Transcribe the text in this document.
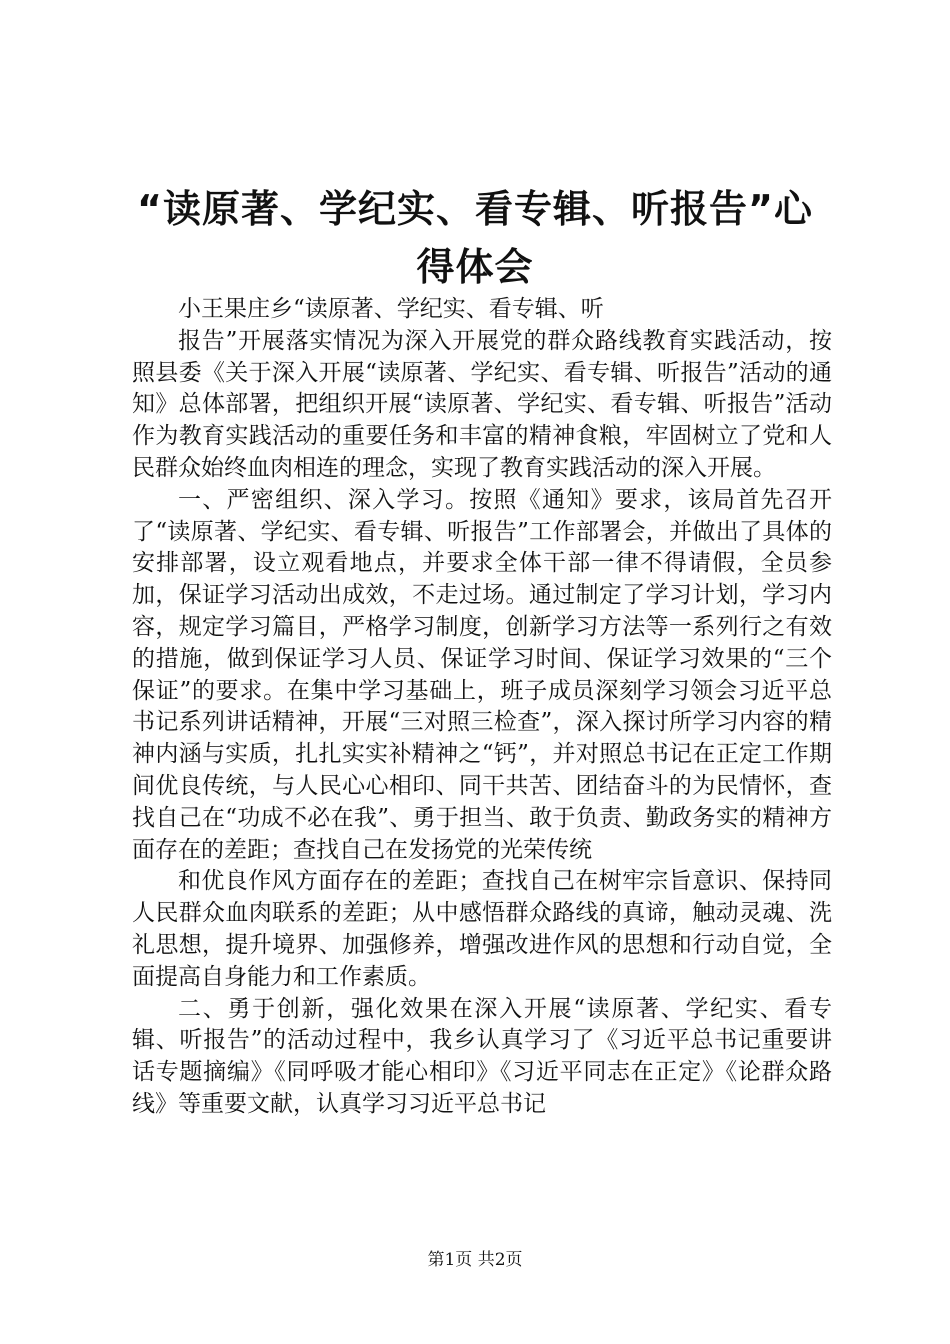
“读原著、学纪实、看专辑、听报告”心得体会

小王果庄乡“读原著、学纪实、看专辑、听

报告”开展落实情况为深入开展党的群众路线教育实践活动，按照县委《关于深入开展“读原著、学纪实、看专辑、听报告”活动的通知》总体部署，把组织开展“读原著、学纪实、看专辑、听报告”活动作为教育实践活动的重要任务和丰富的精神食粮，牢固树立了党和人民群众始终血肉相连的理念，实现了教育实践活动的深入开展。

一、严密组织、深入学习。按照《通知》要求，该局首先召开了“读原著、学纪实、看专辑、听报告”工作部署会，并做出了具体的安排部署，设立观看地点，并要求全体干部一律不得请假，全员参加，保证学习活动出成效，不走过场。通过制定了学习计划，学习内容，规定学习篇目，严格学习制度，创新学习方法等一系列行之有效的措施，做到保证学习人员、保证学习时间、保证学习效果的“三个保证”的要求。在集中学习基础上，班子成员深刻学习领会习近平总书记系列讲话精神，开展“三对照三检查”，深入探讨所学习内容的精神内涵与实质，扎扎实实补精神之“钙”，并对照总书记在正定工作期间优良传统，与人民心心相印、同干共苦、团结奋斗的为民情怀，查找自己在“功成不必在我”、勇于担当、敢于负责、勤政务实的精神方面存在的差距；查找自己在发扬党的光荣传统

和优良作风方面存在的差距；查找自己在树牢宗旨意识、保持同人民群众血肉联系的差距；从中感悟群众路线的真谛，触动灵魂、洗礼思想，提升境界、加强修养，增强改进作风的思想和行动自觉，全面提高自身能力和工作素质。

二、勇于创新，强化效果在深入开展“读原著、学纪实、看专辑、听报告”的活动过程中，我乡认真学习了《习近平总书记重要讲话专题摘编》《同呼吸才能心相印》《习近平同志在正定》《论群众路线》等重要文献，认真学习习近平总书记

第1页 共2页
